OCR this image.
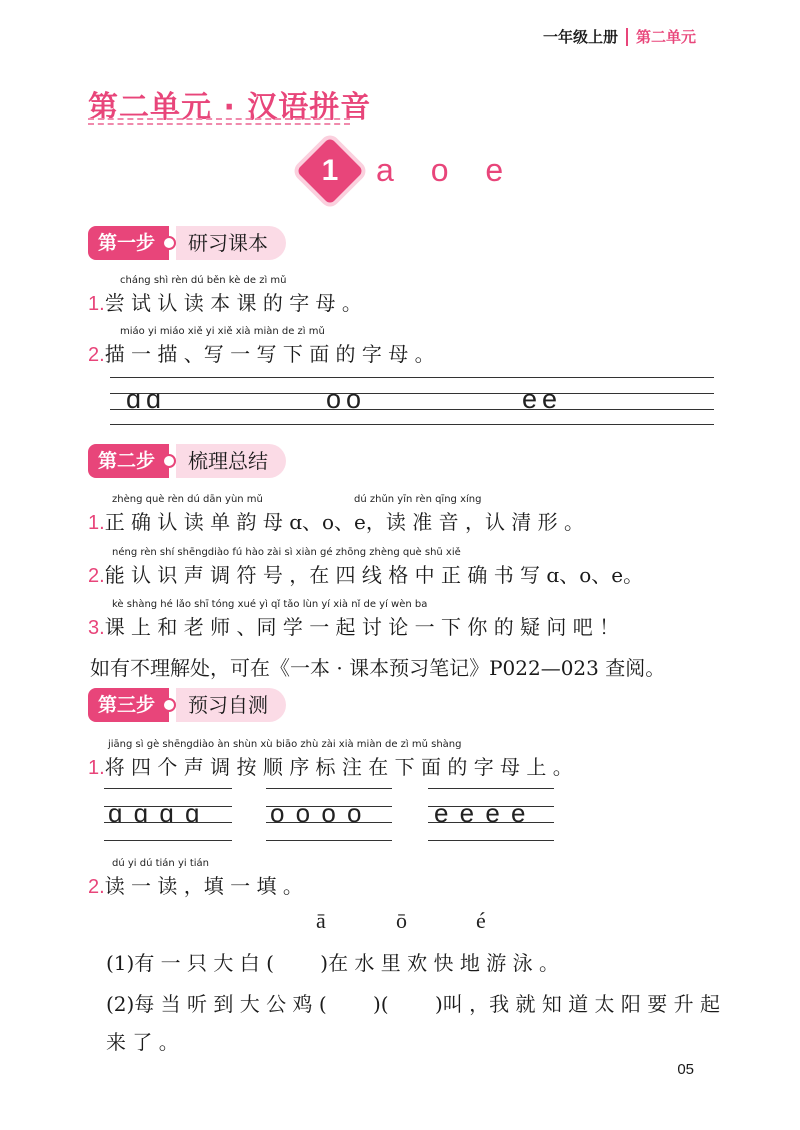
一年级上册 第二单元
第二单元 · 汉语拼音
1	a o e
第一步	研习课本
cháng shì rèn dú běn kè de zì mǔ
1.尝 试 认 读 本 课 的 字 母 。
miáo yi miáo xiě yi xiě xià miàn de zì mǔ
2.描 一 描 、写 一 写 下 面 的 字 母 。
ɑɑ	oo	ee
第二步	梳理总结
zhèng què rèn dú dān yùn mǔ	dú zhǔn yīn rèn qīng xíng
1.正 确 认 读 单 韵 母 ɑ、o、e，读 准 音 ，认 清 形 。
néng rèn shí shēngdiào fú hào zài sì xiàn gé zhōng zhèng què shū xiě
2.能 认 识 声 调 符 号 ，在 四 线 格 中 正 确 书 写 ɑ、o、e。
kè shàng hé lǎo shī tóng xué yì qǐ tǎo lùn yí xià nǐ de yí wèn ba
3.课 上 和 老 师 、同 学 一 起 讨 论 一 下 你 的 疑 问 吧 ！
如有不理解处，可在《一本 · 课本预习笔记》P022—023 查阅。
第三步	预习自测
jiāng sì gè shēngdiào àn shùn xù biāo zhù zài xià miàn de zì mǔ shàng
1.将 四 个 声 调 按 顺 序 标 注 在 下 面 的 字 母 上 。
ɑ ɑ ɑ ɑ	o o o o	e e e e
dú yi dú tián yi tián
2.读 一 读 ，填 一 填 。
ā	ō	é
(1)有 一 只 大 白 (　　 )在 水 里 欢 快 地 游 泳 。
(2)每 当 听 到 大 公 鸡 (　　 )(　　 )叫 ，我 就 知 道 太 阳 要 升 起
来 了 。
05
